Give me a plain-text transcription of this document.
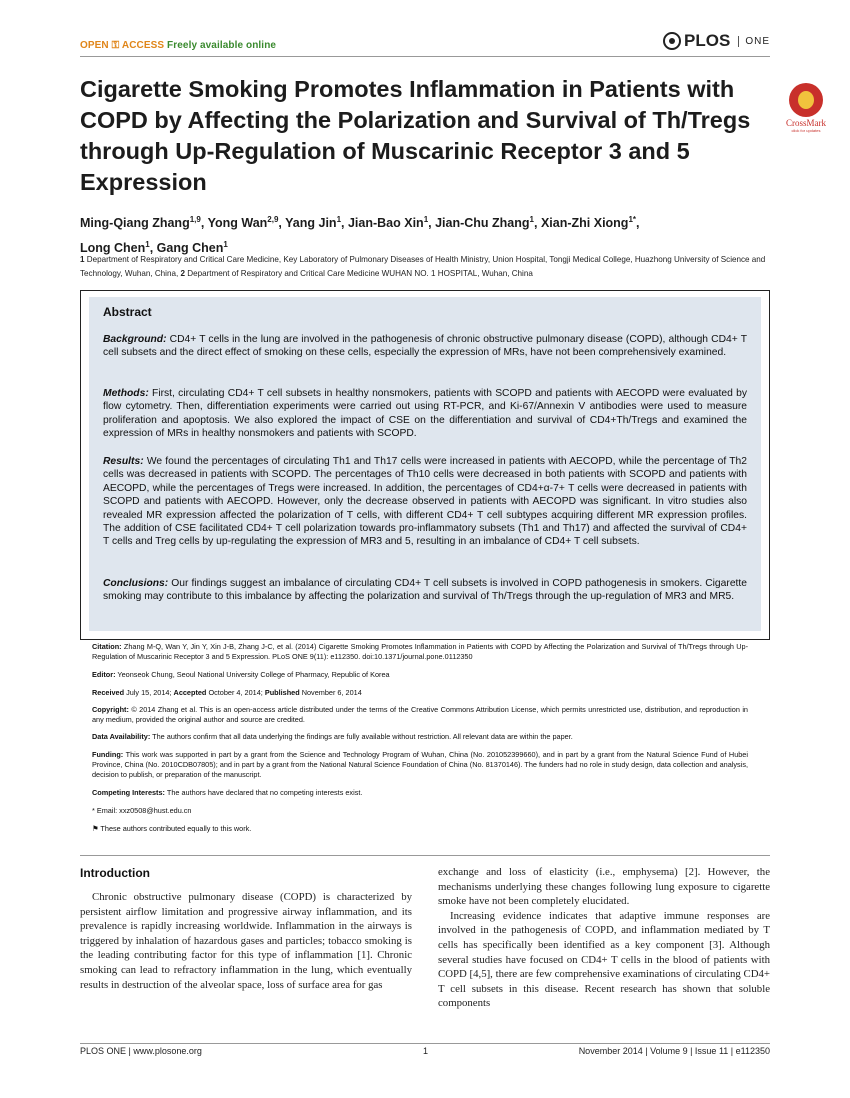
OPEN ⚿ ACCESS Freely available online	PLOS	ONE
Cigarette Smoking Promotes Inflammation in Patients with COPD by Affecting the Polarization and Survival of Th/Tregs through Up-Regulation of Muscarinic Receptor 3 and 5 Expression
CrossMark
click for updates
Ming-Qiang Zhang$^{1,9}$, Yong Wan$^{2,9}$, Yang Jin$^1$, Jian-Bao Xin$^1$, Jian-Chu Zhang$^1$, Xian-Zhi Xiong$^{1*}$,
Long Chen$^1$, Gang Chen$^1$
1 Department of Respiratory and Critical Care Medicine, Key Laboratory of Pulmonary Diseases of Health Ministry, Union Hospital, Tongji Medical College, Huazhong University of Science and Technology, Wuhan, China, 2 Department of Respiratory and Critical Care Medicine WUHAN NO. 1 HOSPITAL, Wuhan, China
Abstract
Background: CD4+ T cells in the lung are involved in the pathogenesis of chronic obstructive pulmonary disease (COPD), although CD4+ T cell subsets and the direct effect of smoking on these cells, especially the expression of MRs, have not been comprehensively examined.
Methods: First, circulating CD4+ T cell subsets in healthy nonsmokers, patients with SCOPD and patients with AECOPD were evaluated by flow cytometry. Then, differentiation experiments were carried out using RT-PCR, and Ki-67/Annexin V antibodies were used to measure proliferation and apoptosis. We also explored the impact of CSE on the differentiation and survival of CD4+Th/Tregs and examined the expression of MRs in healthy nonsmokers and patients with SCOPD.
Results: We found the percentages of circulating Th1 and Th17 cells were increased in patients with AECOPD, while the percentage of Th2 cells was decreased in patients with SCOPD. The percentages of Th10 cells were decreased in both patients with SCOPD and patients with AECOPD, while the percentages of Tregs were increased. In addition, the percentages of CD4+α-7+ T cells were decreased in patients with SCOPD and patients with AECOPD. However, only the decrease observed in patients with AECOPD was significant. In vitro studies also revealed MR expression affected the polarization of T cells, with different CD4+ T cell subtypes acquiring different MR expression profiles. The addition of CSE facilitated CD4+ T cell polarization towards pro-inflammatory subsets (Th1 and Th17) and affected the survival of CD4+ T cells and Treg cells by up-regulating the expression of MR3 and 5, resulting in an imbalance of CD4+ T cell subsets.
Conclusions: Our findings suggest an imbalance of circulating CD4+ T cell subsets is involved in COPD pathogenesis in smokers. Cigarette smoking may contribute to this imbalance by affecting the polarization and survival of Th/Tregs through the up-regulation of MR3 and MR5.
Citation: Zhang M-Q, Wan Y, Jin Y, Xin J-B, Zhang J-C, et al. (2014) Cigarette Smoking Promotes Inflammation in Patients with COPD by Affecting the Polarization and Survival of Th/Tregs through Up-Regulation of Muscarinic Receptor 3 and 5 Expression. PLoS ONE 9(11): e112350. doi:10.1371/journal.pone.0112350
Editor: Yeonseok Chung, Seoul National University College of Pharmacy, Republic of Korea
Received July 15, 2014; Accepted October 4, 2014; Published November 6, 2014
Copyright: © 2014 Zhang et al. This is an open-access article distributed under the terms of the Creative Commons Attribution License, which permits unrestricted use, distribution, and reproduction in any medium, provided the original author and source are credited.
Data Availability: The authors confirm that all data underlying the findings are fully available without restriction. All relevant data are within the paper.
Funding: This work was supported in part by a grant from the Science and Technology Program of Wuhan, China (No. 201052399660), and in part by a grant from the Natural Science Fund of Hubei Province, China (No. 2010CDB07805); and in part by a grant from the National Natural Science Foundation of China (No. 81370146). The funders had no role in study design, data collection and analysis, decision to publish, or preparation of the manuscript.
Competing Interests: The authors have declared that no competing interests exist.
* Email: xxz0508@hust.edu.cn
⚑ These authors contributed equally to this work.
Introduction

Chronic obstructive pulmonary disease (COPD) is characterized by persistent airflow limitation and progressive airway inflammation, and its prevalence is rapidly increasing worldwide. Inflammation in the airways is triggered by inhalation of hazardous gases and particles; tobacco smoking is the leading contributing factor for this type of inflammation [1]. Chronic smoking can lead to refractory inflammation in the lung, which eventually results in destruction of the alveolar space, loss of surface area for gas

exchange and loss of elasticity (i.e., emphysema) [2]. However, the mechanisms underlying these changes following lung exposure to cigarette smoke have not been completely elucidated.

Increasing evidence indicates that adaptive immune responses are involved in the pathogenesis of COPD, and inflammation mediated by T cells has specifically been identified as a key component [3]. Although several studies have focused on CD4+ T cells in the blood of patients with COPD [4,5], there are few comprehensive examinations of circulating CD4+ T cell subsets in this disease. Recent research has shown that soluble components

PLOS ONE | www.plosone.org	1	November 2014 | Volume 9 | Issue 11 | e112350
